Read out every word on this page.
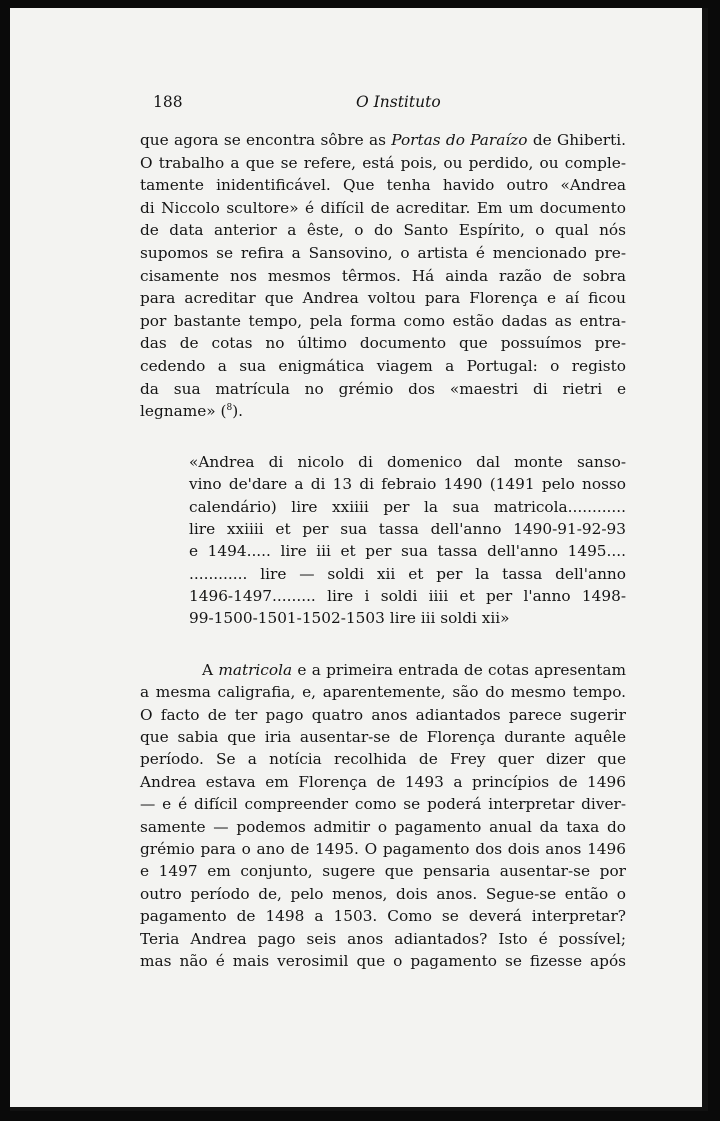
188	O Instituto
que agora se encontra sôbre as Portas do Paraízo de Ghiberti.
O trabalho a que se refere, está pois, ou perdido, ou comple-
tamente inidentificável. Que tenha havido outro «Andrea
di Niccolo scultore» é difícil de acreditar. Em um documento
de data anterior a êste, o do Santo Espírito, o qual nós
supomos se refira a Sansovino, o artista é mencionado pre-
cisamente nos mesmos têrmos. Há ainda razão de sobra
para acreditar que Andrea voltou para Florença e aí ficou
por bastante tempo, pela forma como estão dadas as entra-
das de cotas no último documento que possuímos pre-
cedendo a sua enigmática viagem a Portugal: o registo
da sua matrícula no grémio dos «maestri di rietri e
legname» ($^8$).
«Andrea di nicolo di domenico dal monte sanso-
vino de'dare a di 13 di febraio 1490 (1491 pelo nosso
calendário) lire xxiiii per la sua matricola............
lire xxiiii et per sua tassa dell'anno 1490-91-92-93
e 1494..... lire iii et per sua tassa dell'anno 1495....
............ lire — soldi xii et per la tassa dell'anno
1496-1497......... lire i soldi iiii et per l'anno 1498-
99-1500-1501-1502-1503 lire iii soldi xii»
A matricola e a primeira entrada de cotas apresentam
a mesma caligrafia, e, aparentemente, são do mesmo tempo.
O facto de ter pago quatro anos adiantados parece sugerir
que sabia que iria ausentar-se de Florença durante aquêle
período. Se a notícia recolhida de Frey quer dizer que
Andrea estava em Florença de 1493 a princípios de 1496
— e é difícil compreender como se poderá interpretar diver-
samente — podemos admitir o pagamento anual da taxa do
grémio para o ano de 1495. O pagamento dos dois anos 1496
e 1497 em conjunto, sugere que pensaria ausentar-se por
outro período de, pelo menos, dois anos. Segue-se então o
pagamento de 1498 a 1503. Como se deverá interpretar?
Teria Andrea pago seis anos adiantados? Isto é possível;
mas não é mais verosimil que o pagamento se fizesse após
